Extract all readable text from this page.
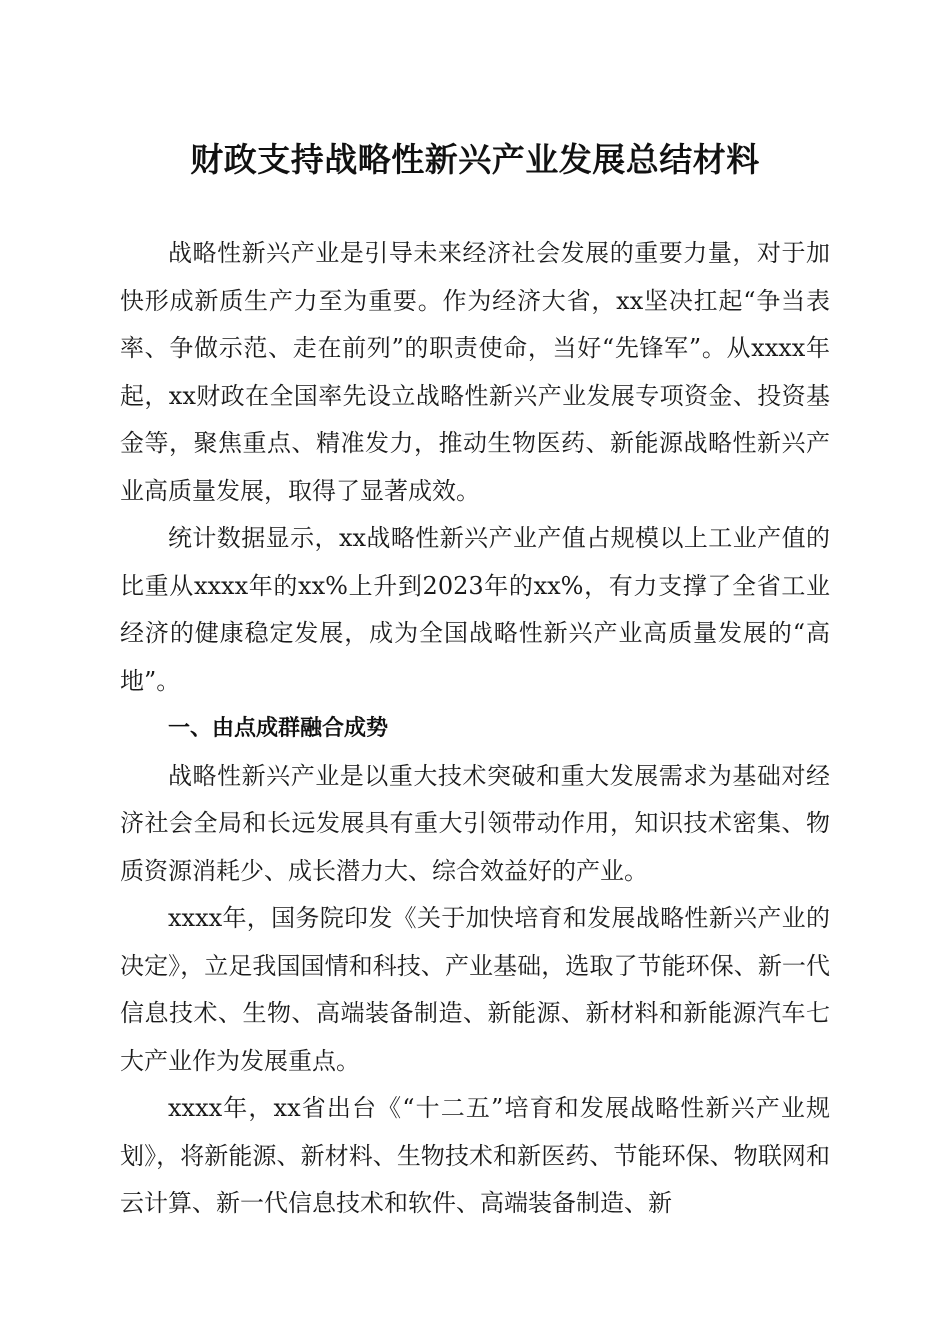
财政支持战略性新兴产业发展总结材料

战略性新兴产业是引导未来经济社会发展的重要力量，对于加快形成新质生产力至为重要。作为经济大省，xx坚决扛起“争当表率、争做示范、走在前列”的职责使命，当好“先锋军”。从xxxx年起，xx财政在全国率先设立战略性新兴产业发展专项资金、投资基金等，聚焦重点、精准发力，推动生物医药、新能源战略性新兴产业高质量发展，取得了显著成效。

统计数据显示，xx战略性新兴产业产值占规模以上工业产值的比重从xxxx年的xx%上升到2023年的xx%，有力支撑了全省工业经济的健康稳定发展，成为全国战略性新兴产业高质量发展的“高地”。

一、由点成群融合成势

战略性新兴产业是以重大技术突破和重大发展需求为基础对经济社会全局和长远发展具有重大引领带动作用，知识技术密集、物质资源消耗少、成长潜力大、综合效益好的产业。

xxxx年，国务院印发《关于加快培育和发展战略性新兴产业的决定》，立足我国国情和科技、产业基础，选取了节能环保、新一代信息技术、生物、高端装备制造、新能源、新材料和新能源汽车七大产业作为发展重点。

xxxx年，xx省出台《“十二五”培育和发展战略性新兴产业规划》，将新能源、新材料、生物技术和新医药、节能环保、物联网和云计算、新一代信息技术和软件、高端装备制造、新
